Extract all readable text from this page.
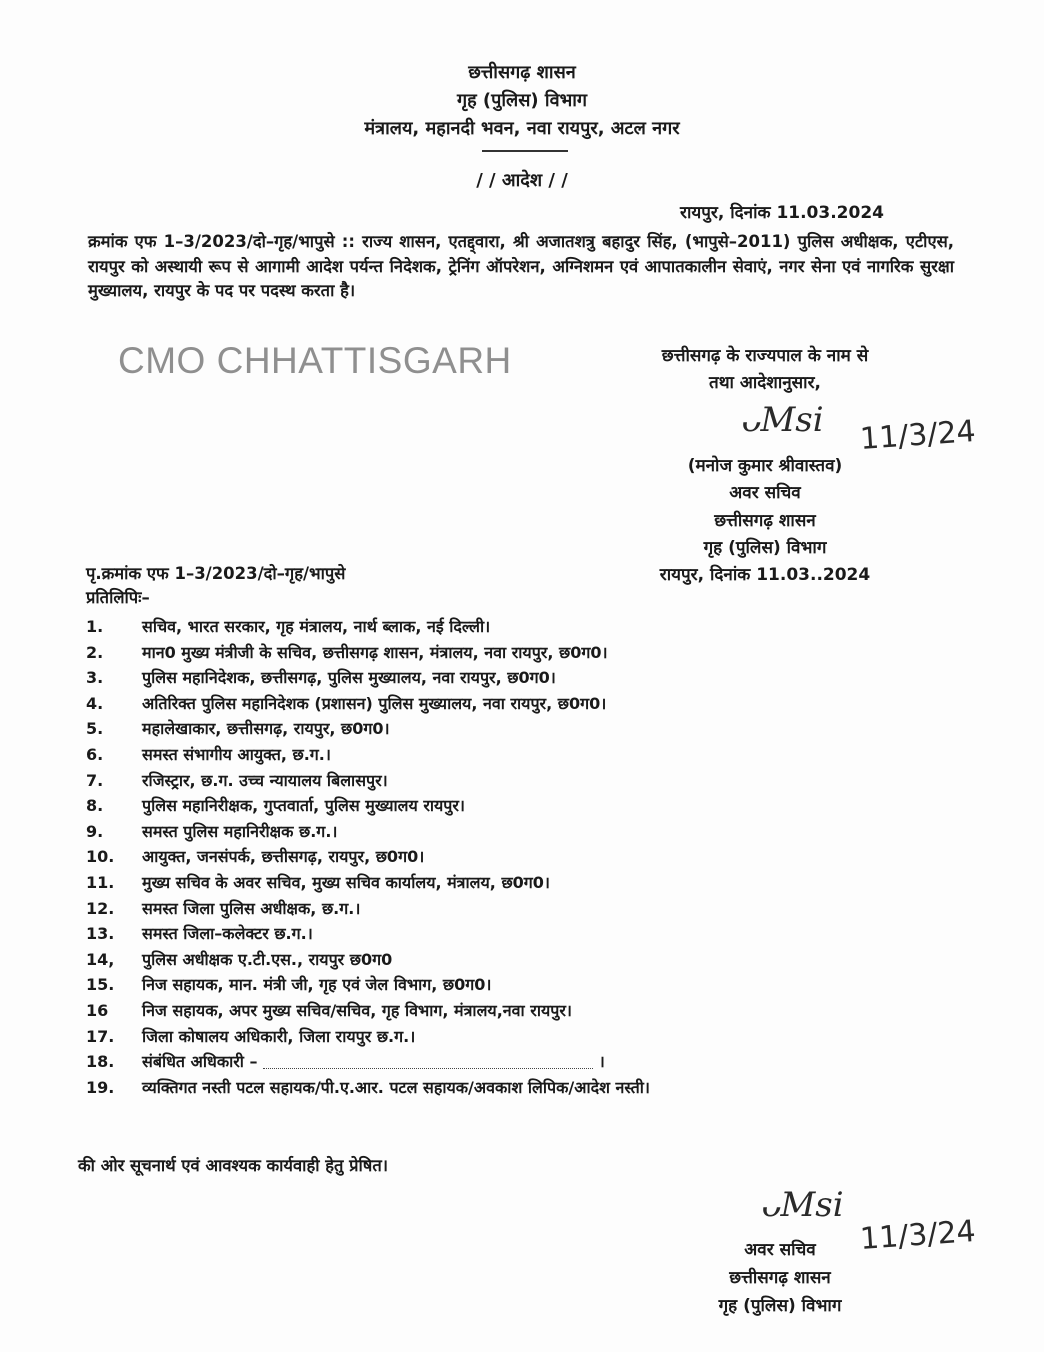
छत्तीसगढ़ शासन
गृह (पुलिस) विभाग
मंत्रालय, महानदी भवन, नवा रायपुर, अटल नगर
/ / आदेश / /
रायपुर, दिनांक 11.03.2024
क्रमांक एफ 1–3/2023/दो–गृह/भापुसे :: राज्य शासन, एतद्द्वारा, श्री अजातशत्रु बहादुर सिंह, (भापुसे–2011) पुलिस अधीक्षक, एटीएस, रायपुर को अस्थायी रूप से आगामी आदेश पर्यन्त निदेशक, ट्रेनिंग ऑपरेशन, अग्निशमन एवं आपातकालीन सेवाएं, नगर सेना एवं नागरिक सुरक्षा मुख्यालय, रायपुर के पद पर पदस्थ करता है।
CMO CHHATTISGARH	छत्तीसगढ़ के राज्यपाल के नाम से
तथा आदेशानुसार,
ᴗMsi 11/3/24
(मनोज कुमार श्रीवास्तव)
अवर सचिव
छत्तीसगढ़ शासन
गृह (पुलिस) विभाग
रायपुर, दिनांक 11.03..2024
पृ.क्रमांक एफ 1–3/2023/दो–गृह/भापुसे
प्रतिलिपिः–
1.	सचिव, भारत सरकार, गृह मंत्रालय, नार्थ ब्लाक, नई दिल्ली।
2.	मान0 मुख्य मंत्रीजी के सचिव, छत्तीसगढ़ शासन, मंत्रालय, नवा रायपुर, छ0ग0।
3.	पुलिस महानिदेशक, छत्तीसगढ़, पुलिस मुख्यालय, नवा रायपुर, छ0ग0।
4.	अतिरिक्त पुलिस महानिदेशक (प्रशासन) पुलिस मुख्यालय, नवा रायपुर, छ0ग0।
5.	महालेखाकार, छत्तीसगढ़, रायपुर, छ0ग0।
6.	समस्त संभागीय आयुक्त, छ.ग.।
7.	रजिस्ट्रार, छ.ग. उच्च न्यायालय बिलासपुर।
8.	पुलिस महानिरीक्षक, गुप्तवार्ता, पुलिस मुख्यालय रायपुर।
9.	समस्त पुलिस महानिरीक्षक छ.ग.।
10.	आयुक्त, जनसंपर्क, छत्तीसगढ़, रायपुर, छ0ग0।
11.	मुख्य सचिव के अवर सचिव, मुख्य सचिव कार्यालय, मंत्रालय, छ0ग0।
12.	समस्त जिला पुलिस अधीक्षक, छ.ग.।
13.	समस्त जिला–कलेक्टर छ.ग.।
14,	पुलिस अधीक्षक ए.टी.एस., रायपुर छ0ग0
15.	निज सहायक, मान. मंत्री जी, गृह एवं जेल विभाग, छ0ग0।
16	निज सहायक, अपर मुख्य सचिव/सचिव, गृह विभाग, मंत्रालय,नवा रायपुर।
17.	जिला कोषालय अधिकारी, जिला रायपुर छ.ग.।
18.	संबंधित अधिकारी –	।
19.	व्यक्तिगत नस्ती पटल सहायक/पी.ए.आर. पटल सहायक/अवकाश लिपिक/आदेश नस्ती।
की ओर सूचनार्थ एवं आवश्यक कार्यवाही हेतु प्रेषित।
ᴗMsi
11/3/24
अवर सचिव
छत्तीसगढ़ शासन
गृह (पुलिस) विभाग
